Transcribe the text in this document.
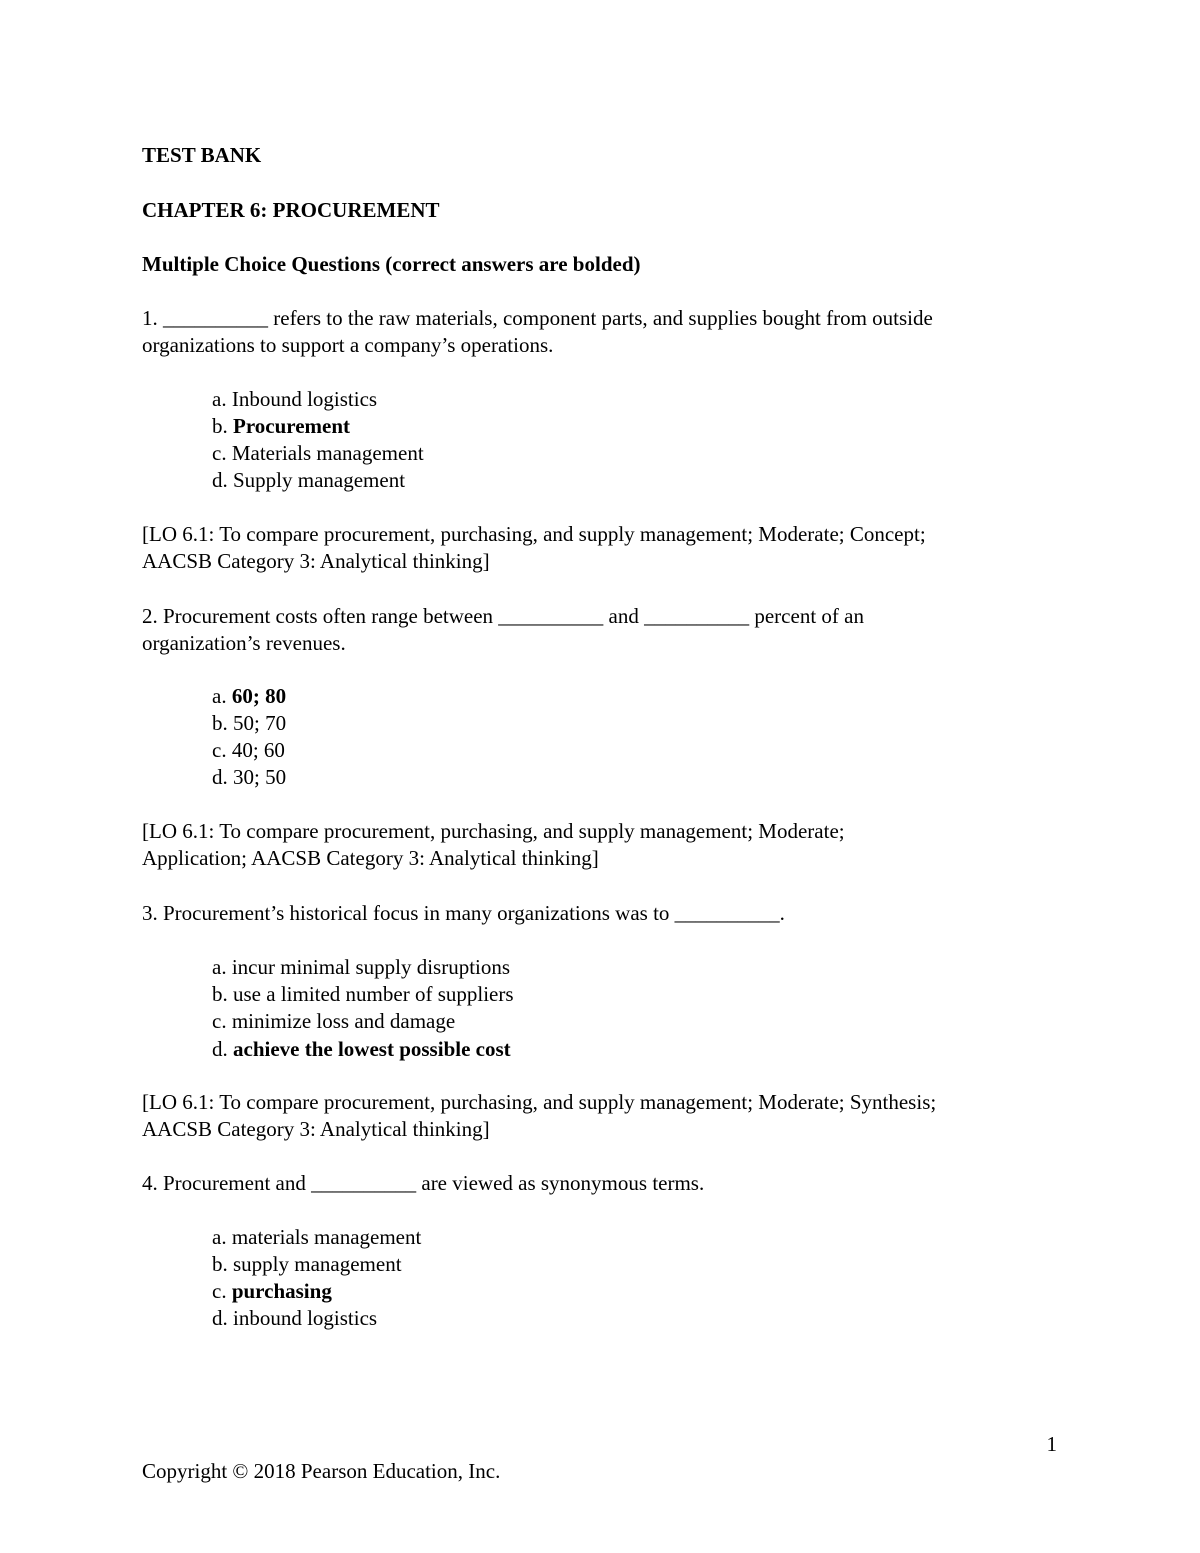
TEST BANK
CHAPTER 6: PROCUREMENT
Multiple Choice Questions (correct answers are bolded)
1. __________ refers to the raw materials, component parts, and supplies bought from outside
organizations to support a company’s operations.
a. Inbound logistics
b. Procurement
c. Materials management
d. Supply management
[LO 6.1: To compare procurement, purchasing, and supply management; Moderate; Concept;
AACSB Category 3: Analytical thinking]
2. Procurement costs often range between __________ and __________ percent of an
organization’s revenues.
a. 60; 80
b. 50; 70
c. 40; 60
d. 30; 50
[LO 6.1: To compare procurement, purchasing, and supply management; Moderate;
Application; AACSB Category 3: Analytical thinking]
3. Procurement’s historical focus in many organizations was to __________.
a. incur minimal supply disruptions
b. use a limited number of suppliers
c. minimize loss and damage
d. achieve the lowest possible cost
[LO 6.1: To compare procurement, purchasing, and supply management; Moderate; Synthesis;
AACSB Category 3: Analytical thinking]
4. Procurement and __________ are viewed as synonymous terms.
a. materials management
b. supply management
c. purchasing
d. inbound logistics
1
Copyright © 2018 Pearson Education, Inc.
